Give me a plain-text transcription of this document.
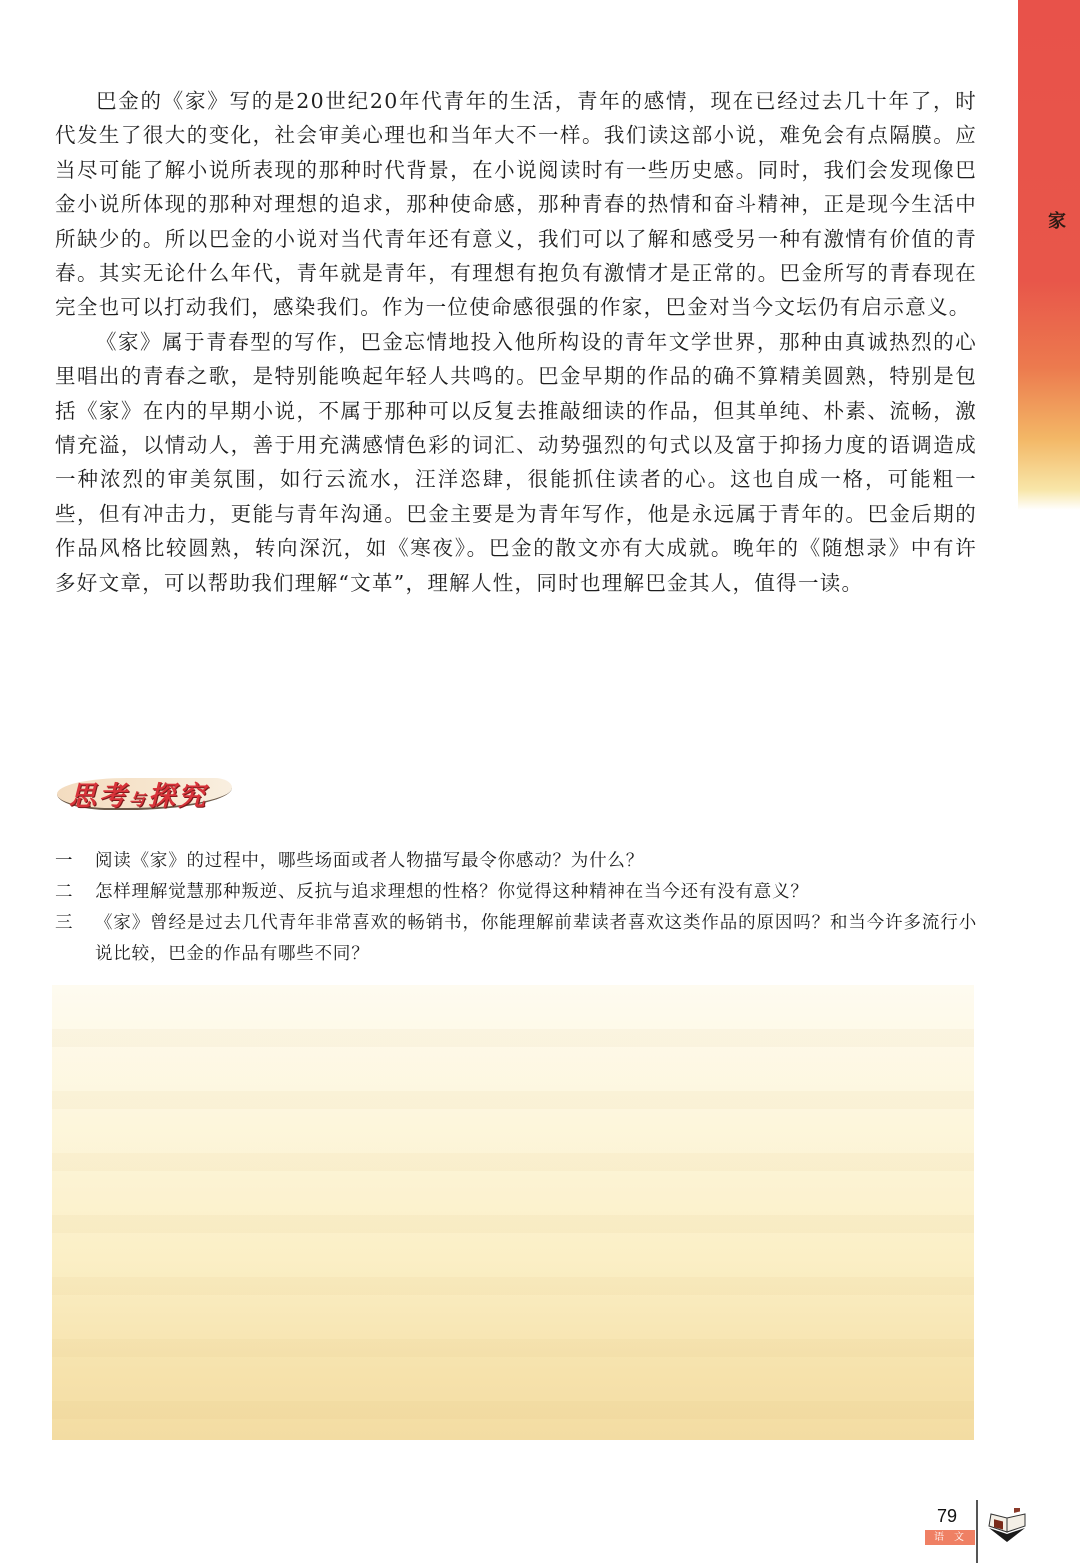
家

巴金的《家》写的是20世纪20年代青年的生活，青年的感情，现在已经过去几十年了，时代发生了很大的变化，社会审美心理也和当年大不一样。我们读这部小说，难免会有点隔膜。应当尽可能了解小说所表现的那种时代背景，在小说阅读时有一些历史感。同时，我们会发现像巴金小说所体现的那种对理想的追求，那种使命感，那种青春的热情和奋斗精神，正是现今生活中所缺少的。所以巴金的小说对当代青年还有意义，我们可以了解和感受另一种有激情有价值的青春。其实无论什么年代，青年就是青年，有理想有抱负有激情才是正常的。巴金所写的青春现在完全也可以打动我们，感染我们。作为一位使命感很强的作家，巴金对当今文坛仍有启示意义。

《家》属于青春型的写作，巴金忘情地投入他所构设的青年文学世界，那种由真诚热烈的心里唱出的青春之歌，是特别能唤起年轻人共鸣的。巴金早期的作品的确不算精美圆熟，特别是包括《家》在内的早期小说，不属于那种可以反复去推敲细读的作品，但其单纯、朴素、流畅，激情充溢，以情动人，善于用充满感情色彩的词汇、动势强烈的句式以及富于抑扬力度的语调造成一种浓烈的审美氛围，如行云流水，汪洋恣肆，很能抓住读者的心。这也自成一格，可能粗一些，但有冲击力，更能与青年沟通。巴金主要是为青年写作，他是永远属于青年的。巴金后期的作品风格比较圆熟，转向深沉，如《寒夜》。巴金的散文亦有大成就。晚年的《随想录》中有许多好文章，可以帮助我们理解“文革”，理解人性，同时也理解巴金其人，值得一读。

思考与探究
一	阅读《家》的过程中，哪些场面或者人物描写最令你感动？为什么？
二	怎样理解觉慧那种叛逆、反抗与追求理想的性格？你觉得这种精神在当今还有没有意义？
三	《家》曾经是过去几代青年非常喜欢的畅销书，你能理解前辈读者喜欢这类作品的原因吗？和当今许多流行小说比较，巴金的作品有哪些不同？
79
语文
